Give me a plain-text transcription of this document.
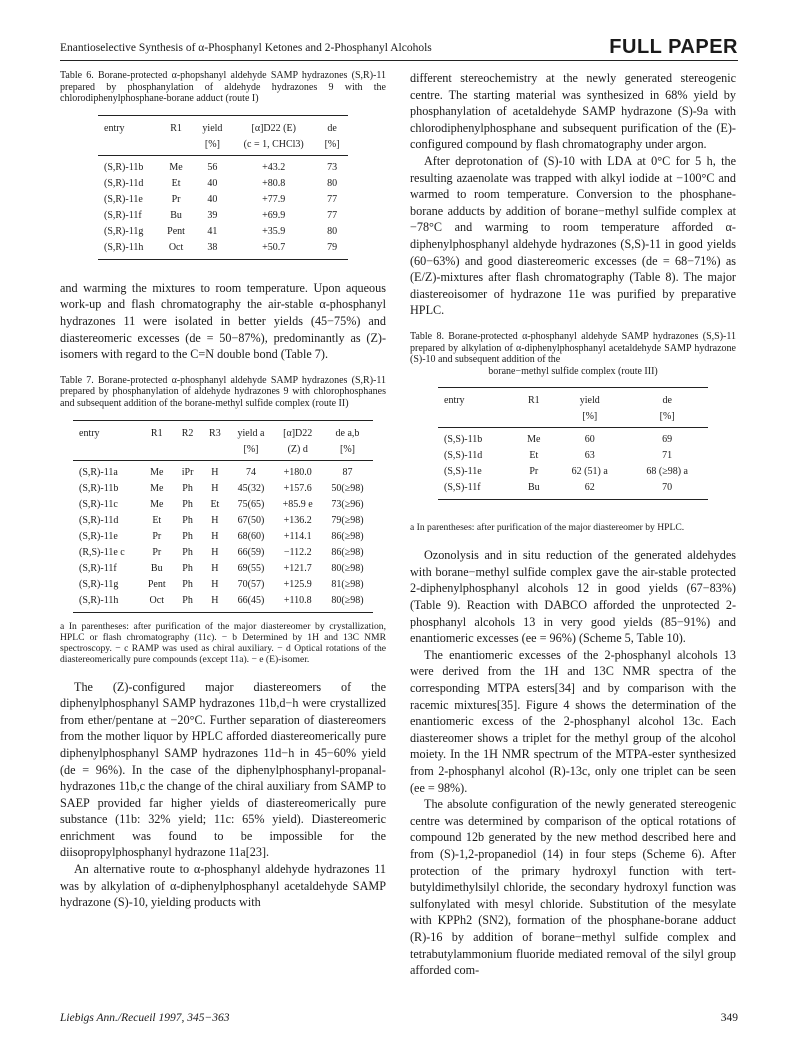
Enantioselective Synthesis of α-Phosphanyl Ketones and 2-Phosphanyl Alcohols	FULL PAPER

Table 6. Borane-protected α-phopshanyl aldehyde SAMP hydrazones (S,R)-11 prepared by phosphanylation of aldehyde hydrazones 9 with the chlorodiphenylphosphane-borane adduct (route I)

entry	R1	yield	[α]D22 (E)	de
		[%]	(c = 1, CHCl3)	[%]
(S,R)-11b	Me	56	+43.2	73
(S,R)-11d	Et	40	+80.8	80
(S,R)-11e	Pr	40	+77.9	77
(S,R)-11f	Bu	39	+69.9	77
(S,R)-11g	Pent	41	+35.9	80
(S,R)-11h	Oct	38	+50.7	79

and warming the mixtures to room temperature. Upon aqueous work-up and flash chromatography the air-stable α-phosphanyl hydrazones 11 were isolated in better yields (45−75%) and diastereomeric excesses (de = 50−87%), predominantly as (Z)-isomers with regard to the C=N double bond (Table 7).

Table 7. Borane-protected α-phosphanyl aldehyde SAMP hydrazones (S,R)-11 prepared by phosphanylation of aldehyde hydrazones 9 with chlorophosphanes and subsequent addition of the borane-methyl sulfide complex (route II)

entry	R1	R2	R3	yield a	[α]D22	de a,b
				[%]	(Z) d	[%]
(S,R)-11a	Me	iPr	H	74	+180.0	87
(S,R)-11b	Me	Ph	H	45(32)	+157.6	50(≥98)
(S,R)-11c	Me	Ph	Et	75(65)	+85.9 e	73(≥96)
(S,R)-11d	Et	Ph	H	67(50)	+136.2	79(≥98)
(S,R)-11e	Pr	Ph	H	68(60)	+114.1	86(≥98)
(R,S)-11e c	Pr	Ph	H	66(59)	−112.2	86(≥98)
(S,R)-11f	Bu	Ph	H	69(55)	+121.7	80(≥98)
(S,R)-11g	Pent	Ph	H	70(57)	+125.9	81(≥98)
(S,R)-11h	Oct	Ph	H	66(45)	+110.8	80(≥98)

a In parentheses: after purification of the major diastereomer by crystallization, HPLC or flash chromatography (11c). − b Determined by 1H and 13C NMR spectroscopy. − c RAMP was used as chiral auxiliary. − d Optical rotations of the diastereomerically pure compounds (except 11a). − e (E)-isomer.

The (Z)-configured major diastereomers of the diphenylphosphanyl SAMP hydrazones 11b,d−h were crystallized from ether/pentane at −20°C. Further separation of diastereomers from the mother liquor by HPLC afforded diastereomerically pure diphenylphosphanyl SAMP hydrazones 11d−h in 45−60% yield (de = 96%). In the case of the diphenylphosphanyl-propanal-hydrazones 11b,c the change of the chiral auxiliary from SAMP to SAEP provided far higher yields of diastereomerically pure substance (11b: 32% yield; 11c: 65% yield). Diastereomeric enrichment was found to be impossible for the diisopropylphosphanyl hydrazone 11a[23].

An alternative route to α-phosphanyl aldehyde hydrazones 11 was by alkylation of α-diphenylphosphanyl acetaldehyde SAMP hydrazone (S)-10, yielding products with

different stereochemistry at the newly generated stereogenic centre. The starting material was synthesized in 68% yield by phosphanylation of acetaldehyde SAMP hydrazone (S)-9a with chlorodiphenylphosphane and subsequent purification of the (E)-configured compound by flash chromatography under argon.

After deprotonation of (S)-10 with LDA at 0°C for 5 h, the resulting azaenolate was trapped with alkyl iodide at −100°C and warmed to room temperature. Conversion to the phosphane-borane adducts by addition of borane−methyl sulfide complex at −78°C and warming to room temperature afforded α-diphenylphosphanyl aldehyde hydrazones (S,S)-11 in good yields (60−63%) and good diastereomeric excesses (de = 68−71%) as (E/Z)-mixtures after flash chromatography (Table 8). The major diastereoisomer of hydrazone 11e was purified by preparative HPLC.

Table 8. Borane-protected α-phosphanyl aldehyde SAMP hydrazones (S,S)-11 prepared by alkylation of α-diphenylphosphanyl acetaldehyde SAMP hydrazone (S)-10 and subsequent addition of the
borane−methyl sulfide complex (route III)

entry	R1	yield	de
		[%]	[%]
(S,S)-11b	Me	60	69
(S,S)-11d	Et	63	71
(S,S)-11e	Pr	62 (51) a	68 (≥98) a
(S,S)-11f	Bu	62	70

a In parentheses: after purification of the major diastereomer by HPLC.

Ozonolysis and in situ reduction of the generated aldehydes with borane−methyl sulfide complex gave the air-stable protected 2-diphenylphosphanyl alcohols 12 in good yields (67−83%) (Table 9). Reaction with DABCO afforded the unprotected 2-phosphanyl alcohols 13 in very good yields (85−91%) and enantiomeric excesses (ee = 96%) (Scheme 5, Table 10).

The enantiomeric excesses of the 2-phosphanyl alcohols 13 were derived from the 1H and 13C NMR spectra of the corresponding MTPA esters[34] and by comparison with the racemic mixtures[35]. Figure 4 shows the determination of the enantiomeric excess of the 2-phosphanyl alcohol 13c. Each diastereomer shows a triplet for the methyl group of the alcohol moiety. In the 1H NMR spectrum of the MTPA-ester synthesized from 2-phosphanyl alcohol (R)-13c, only one triplet can be seen (ee = 98%).

The absolute configuration of the newly generated stereogenic centre was determined by comparison of the optical rotations of compound 12b generated by the new method described here and from (S)-1,2-propanediol (14) in four steps (Scheme 6). After protection of the primary hydroxyl function with tert-butyldimethylsilyl chloride, the secondary hydroxyl function was sulfonylated with mesyl chloride. Substitution of the mesylate with KPPh2 (SN2), formation of the phosphane-borane adduct (R)-16 by addition of borane−methyl sulfide complex and tetrabutylammonium fluoride mediated removal of the silyl group afforded com-

Liebigs Ann./Recueil 1997, 345−363	349
